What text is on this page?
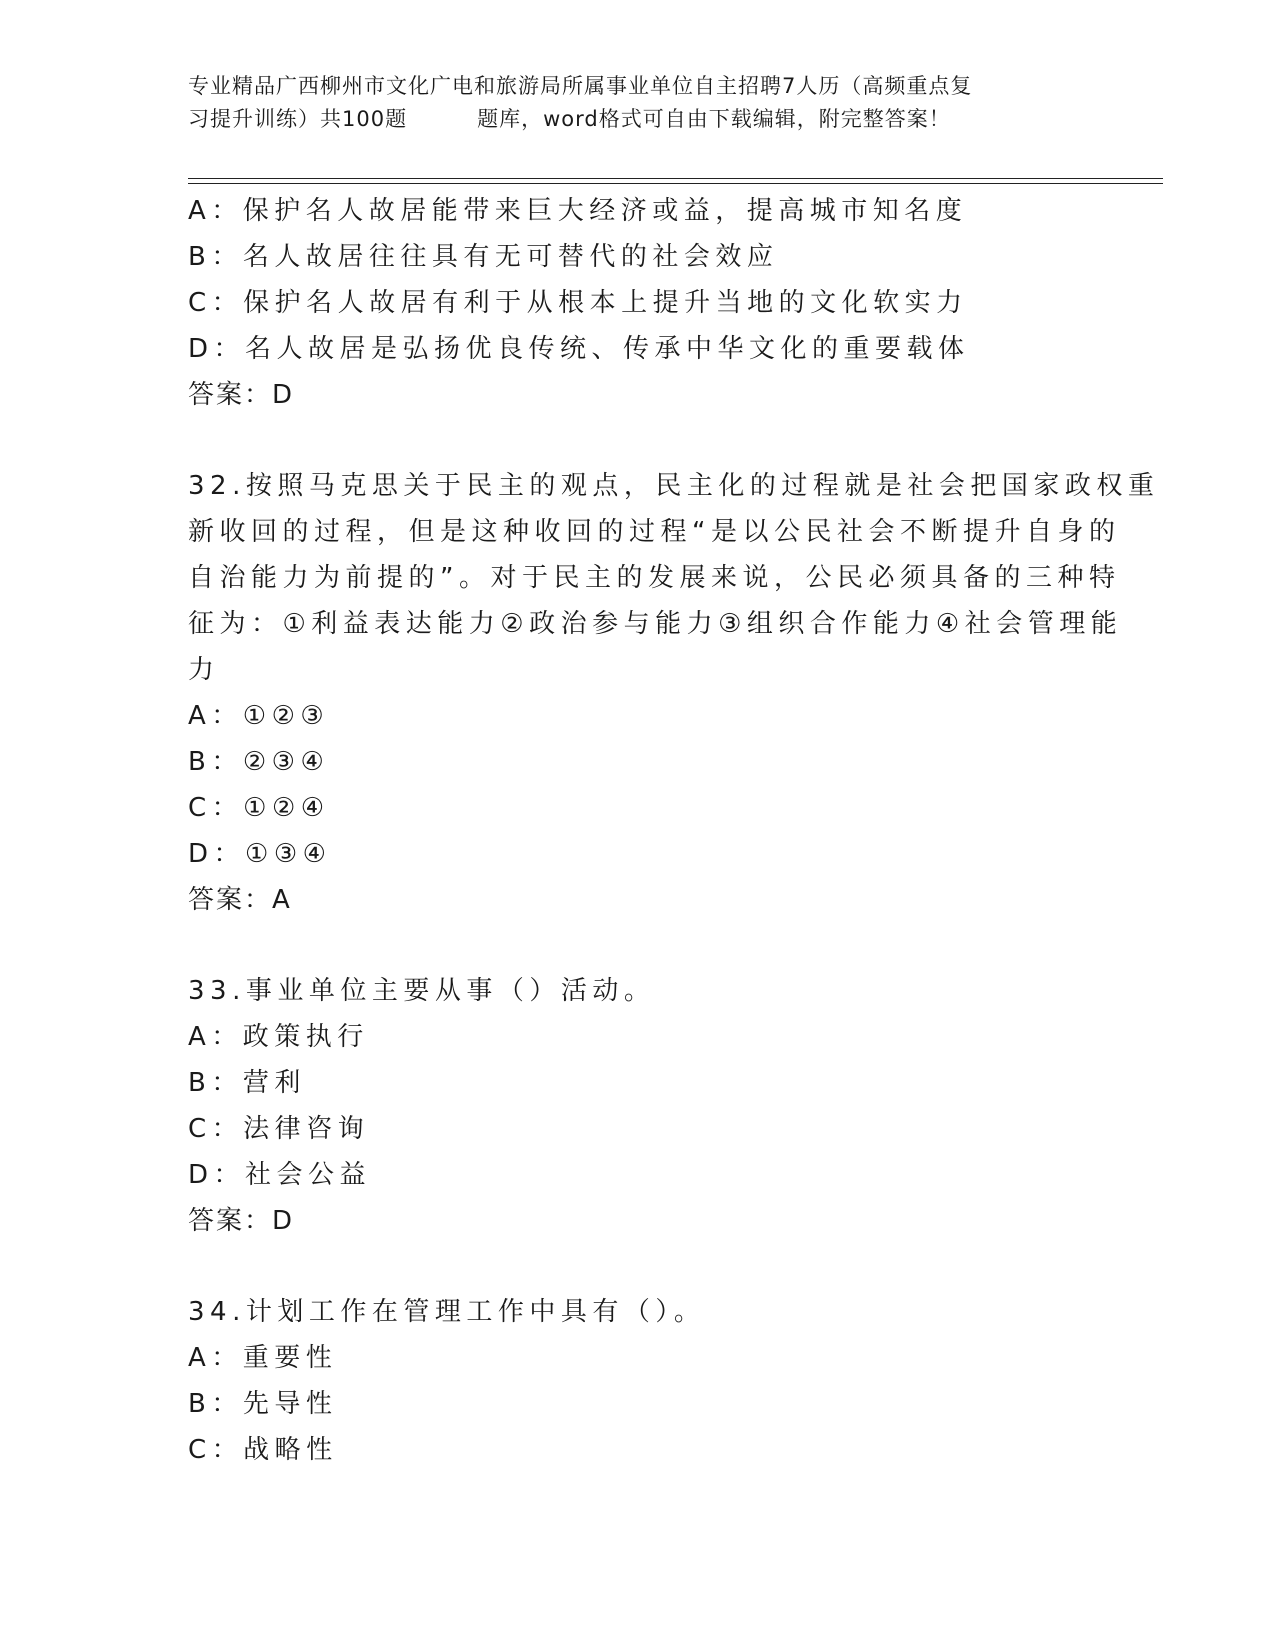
专业精品广西柳州市文化广电和旅游局所属事业单位自主招聘7人历（高频重点复
习提升训练）共100题	题库，word格式可自由下载编辑，附完整答案！
A：保护名人故居能带来巨大经济或益，提高城市知名度
B：名人故居往往具有无可替代的社会效应
C：保护名人故居有利于从根本上提升当地的文化软实力
D：名人故居是弘扬优良传统、传承中华文化的重要载体
答案：D
32.按照马克思关于民主的观点，民主化的过程就是社会把国家政权重
新收回的过程，但是这种收回的过程“是以公民社会不断提升自身的
自治能力为前提的”。对于民主的发展来说，公民必须具备的三种特
征为：①利益表达能力②政治参与能力③组织合作能力④社会管理能
力
A：①②③
B：②③④
C：①②④
D：①③④
答案：A
33.事业单位主要从事（）活动。
A：政策执行
B：营利
C：法律咨询
D：社会公益
答案：D
34.计划工作在管理工作中具有（）。
A：重要性
B：先导性
C：战略性
